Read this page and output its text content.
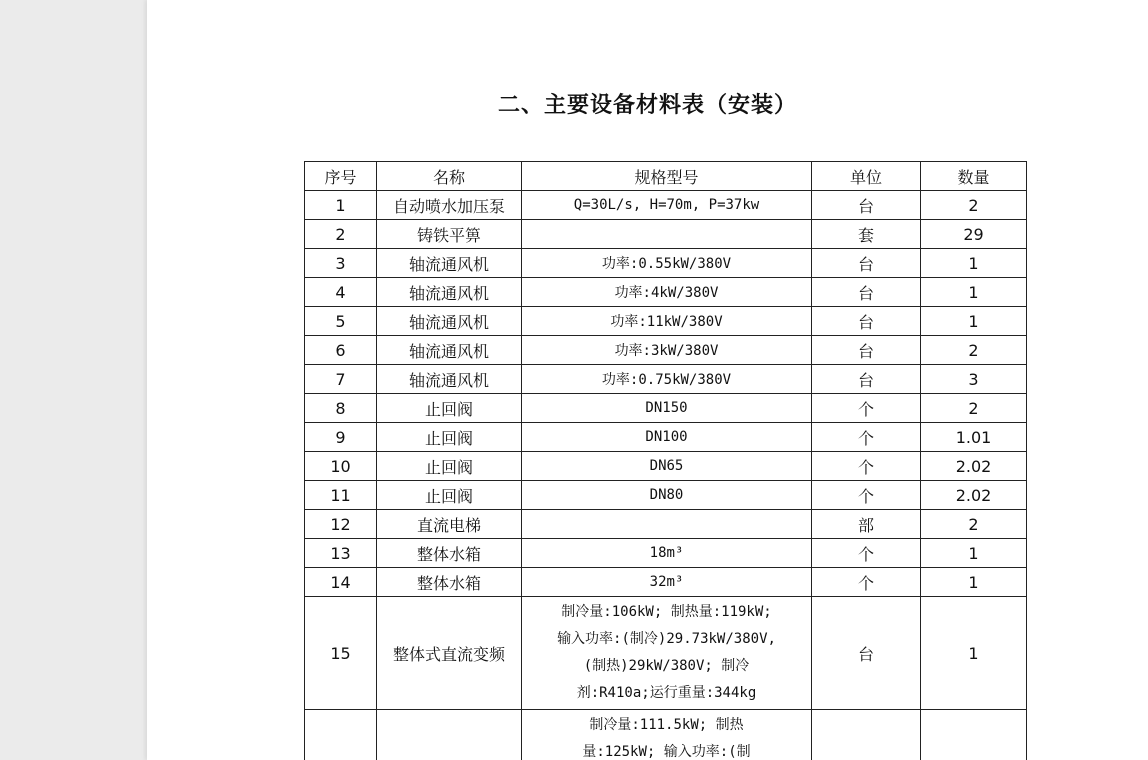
二、主要设备材料表（安装）
序号	名称	规格型号	单位	数量
1	自动喷水加压泵	Q=30L/s, H=70m, P=37kw	台	2
2	铸铁平箅		套	29
3	轴流通风机	功率:0.55kW/380V	台	1
4	轴流通风机	功率:4kW/380V	台	1
5	轴流通风机	功率:11kW/380V	台	1
6	轴流通风机	功率:3kW/380V	台	2
7	轴流通风机	功率:0.75kW/380V	台	3
8	止回阀	DN150	个	2
9	止回阀	DN100	个	1.01
10	止回阀	DN65	个	2.02
11	止回阀	DN80	个	2.02
12	直流电梯		部	2
13	整体水箱	18m³	个	1
14	整体水箱	32m³	个	1
15	整体式直流变频	制冷量:106kW; 制热量:119kW;
输入功率:(制冷)29.73kW/380V,
(制热)29kW/380V; 制冷
剂:R410a;运行重量:344kg	台	1

		制冷量:111.5kW; 制热
量:125kW; 输入功率:(制		
